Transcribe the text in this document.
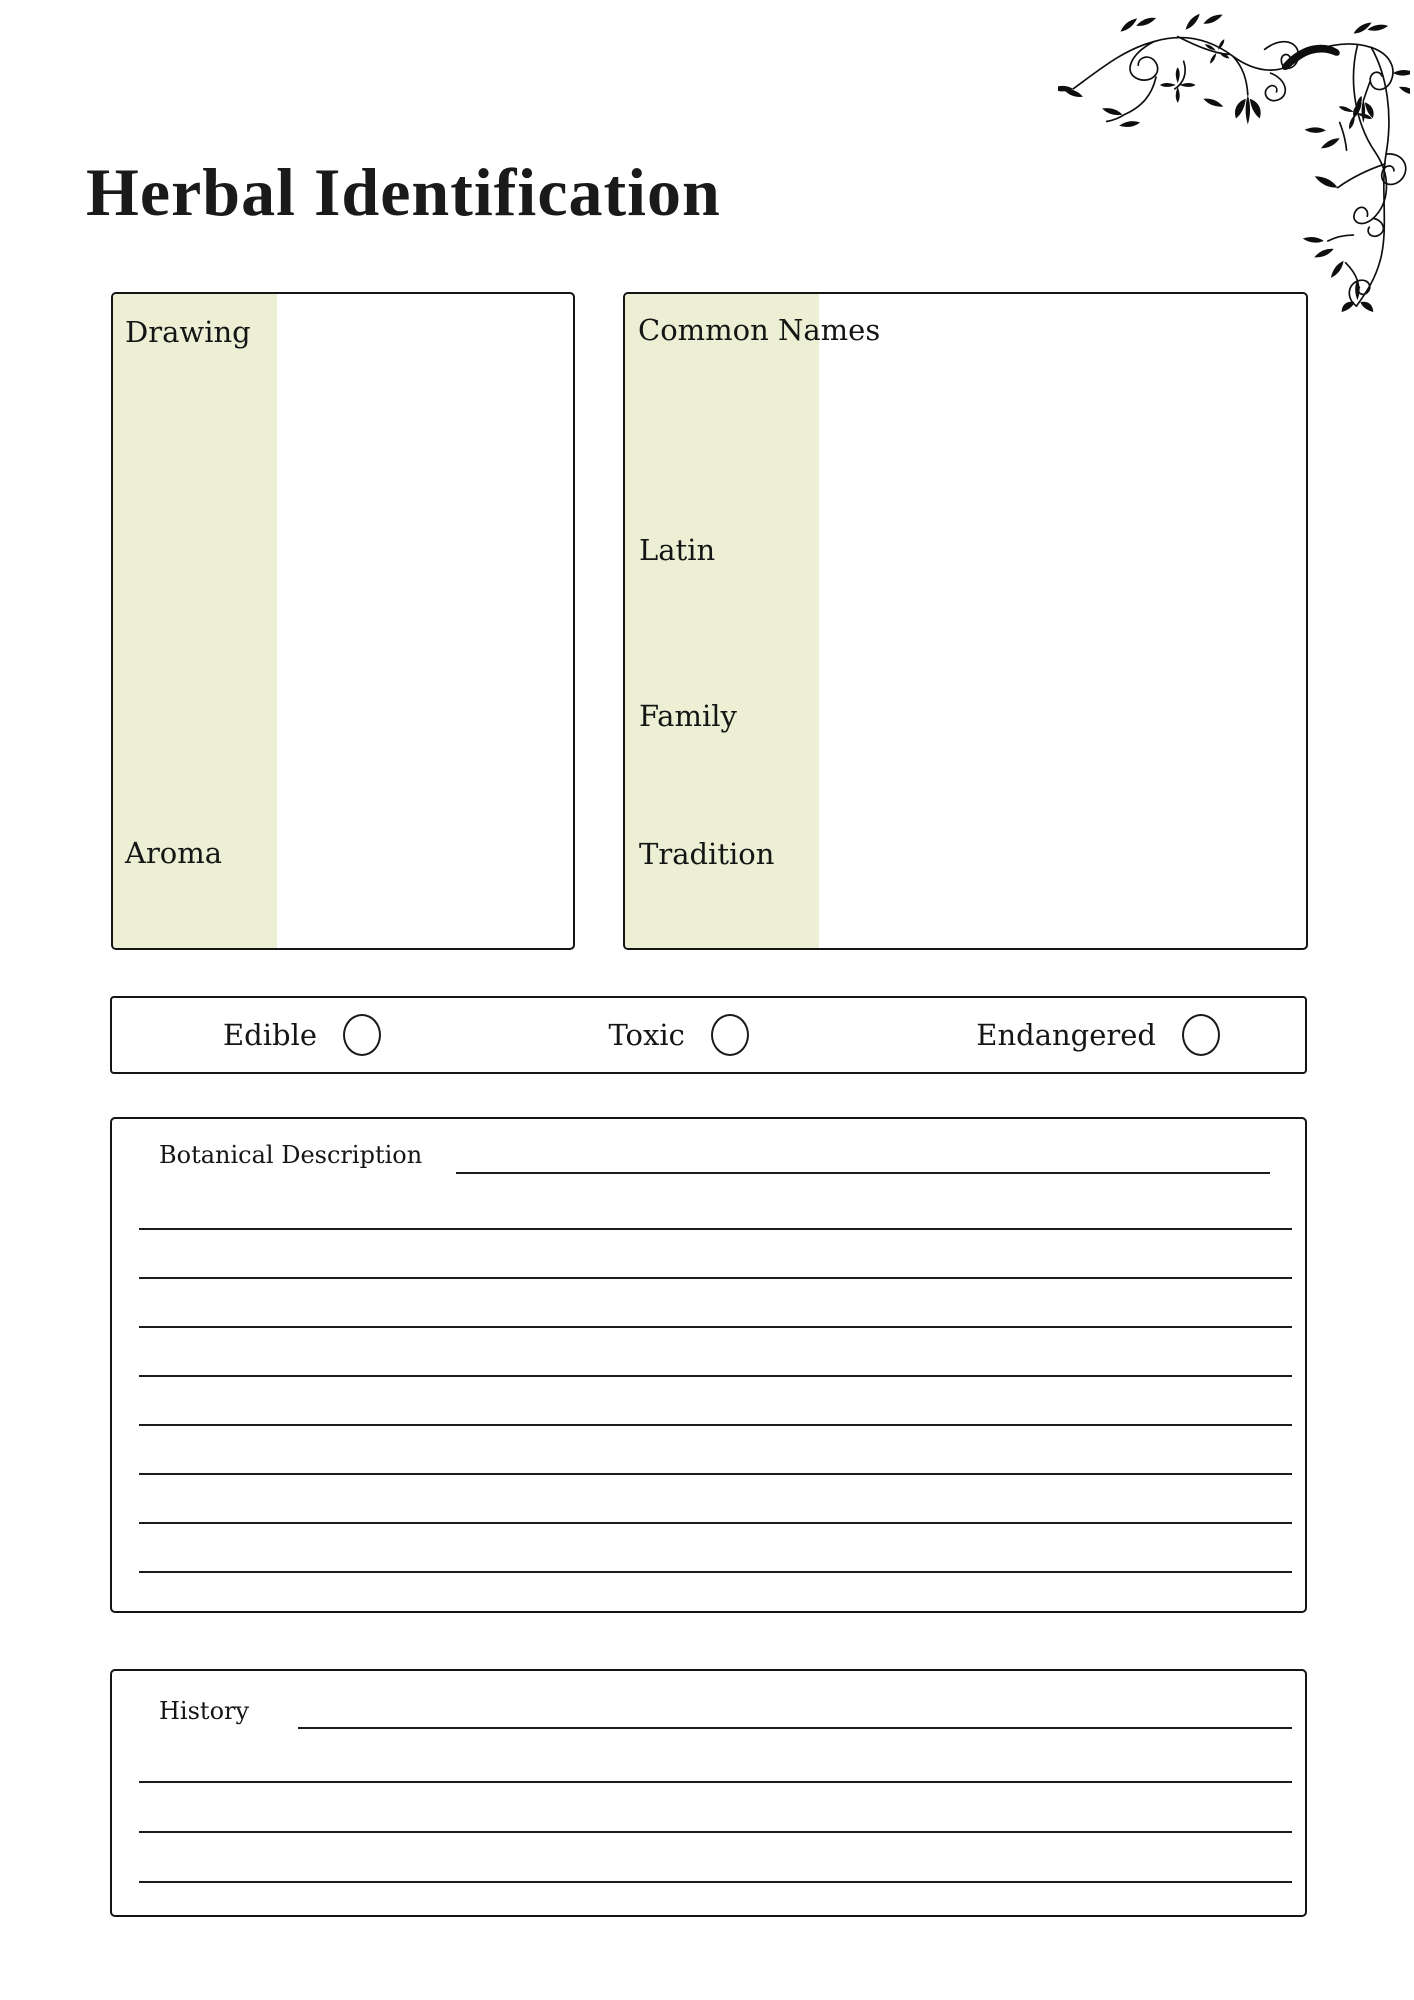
Herbal Identification
Drawing
Aroma
Common Names
Latin
Family
Tradition
Edible	Toxic	Endangered
Botanical Description
History
